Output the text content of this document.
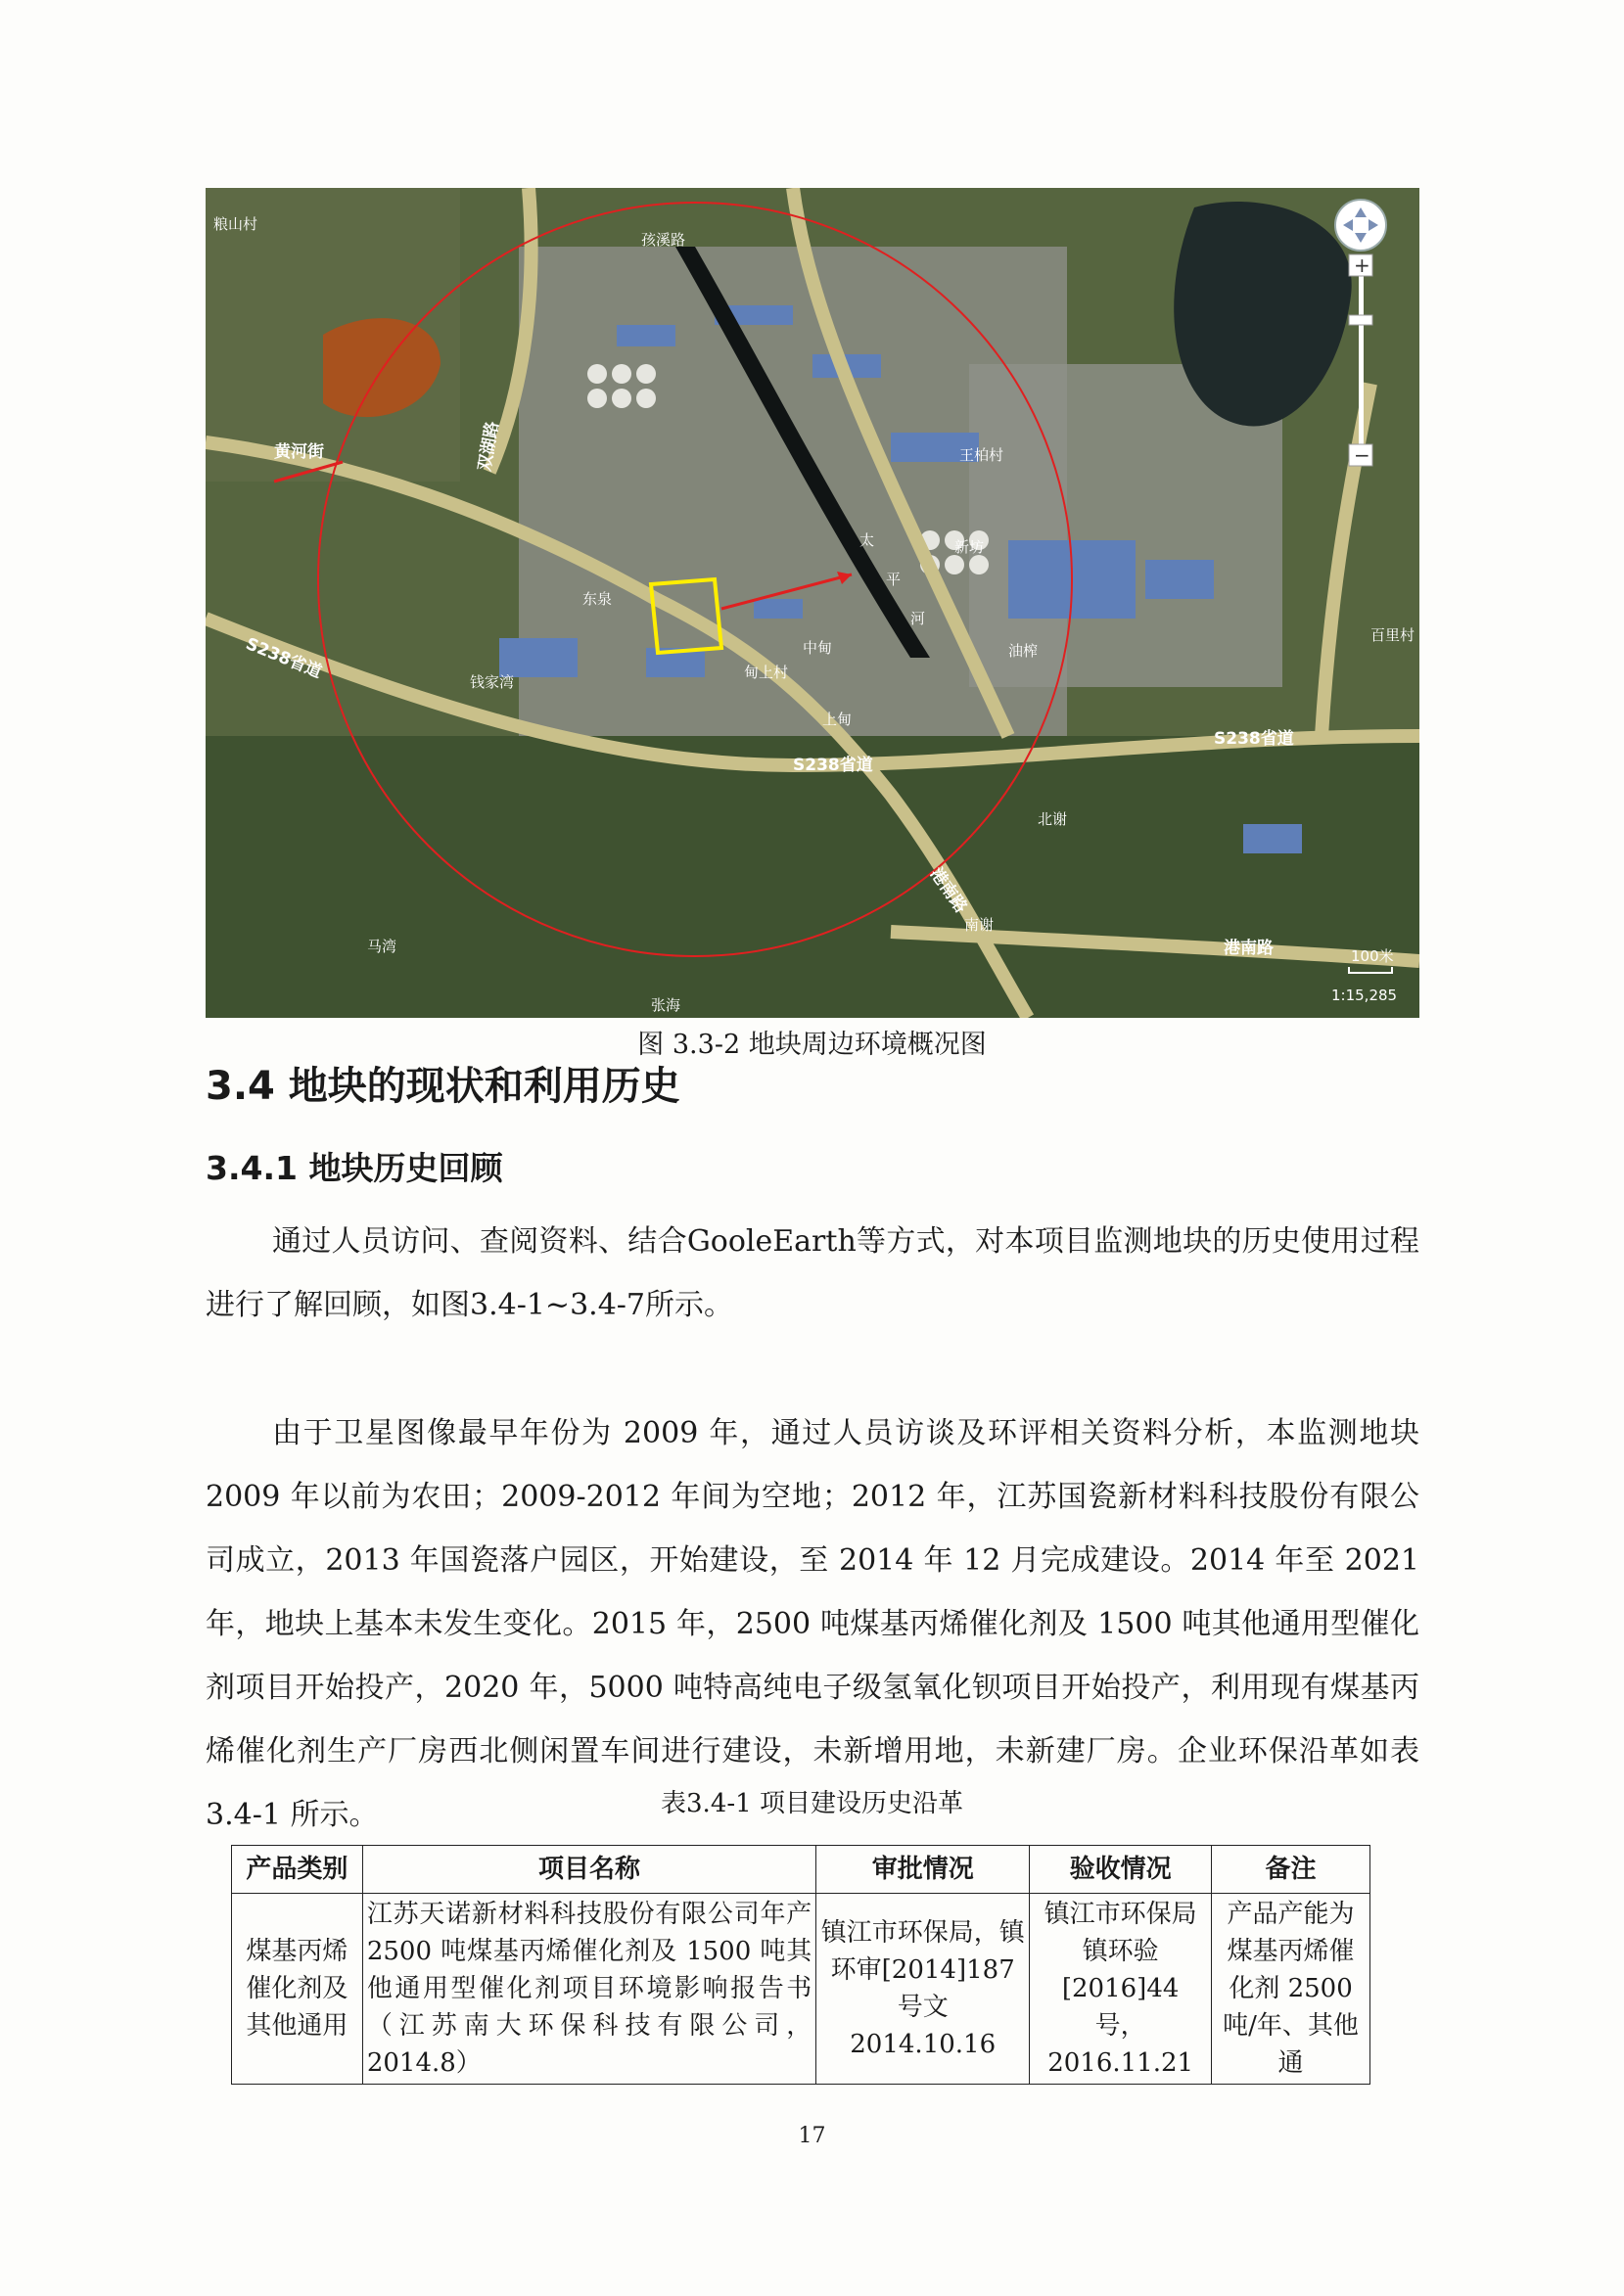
粮山村
孩溪路
王柏村
新坊
东泉
钱家湾
甸上村
中甸
上甸
油榨
百里村
北谢
南谢
马湾
张海
太
平
河
S238省道
S238省道
S238省道
港南路
港南路
黄河街	双湖路
+
−
100米
1:15,285
图 3.3-2 地块周边环境概况图
3.4 地块的现状和利用历史
3.4.1 地块历史回顾

通过人员访问、查阅资料、结合GooleEarth等方式，对本项目监测地块的历史使用过程进行了解回顾，如图3.4-1~3.4-7所示。

由于卫星图像最早年份为 2009 年，通过人员访谈及环评相关资料分析，本监测地块 2009 年以前为农田；2009-2012 年间为空地；2012 年，江苏国瓷新材料科技股份有限公司成立，2013 年国瓷落户园区，开始建设，至 2014 年 12 月完成建设。2014 年至 2021 年，地块上基本未发生变化。2015 年，2500 吨煤基丙烯催化剂及 1500 吨其他通用型催化剂项目开始投产，2020 年，5000 吨特高纯电子级氢氧化钡项目开始投产，利用现有煤基丙烯催化剂生产厂房西北侧闲置车间进行建设，未新增用地，未新建厂房。企业环保沿革如表 3.4-1 所示。	表3.4-1 项目建设历史沿革
产品类别	项目名称	审批情况	验收情况	备注
煤基丙烯催化剂及其他通用	江苏天诺新材料科技股份有限公司年产 2500 吨煤基丙烯催化剂及 1500 吨其他通用型催化剂项目环境影响报告书（江苏南大环保科技有限公司，2014.8）	镇江市环保局，镇环审[2014]187 号文 2014.10.16	镇江市环保局镇环验[2016]44 号，2016.11.21	产品产能为煤基丙烯催化剂 2500 吨/年、其他通
17
